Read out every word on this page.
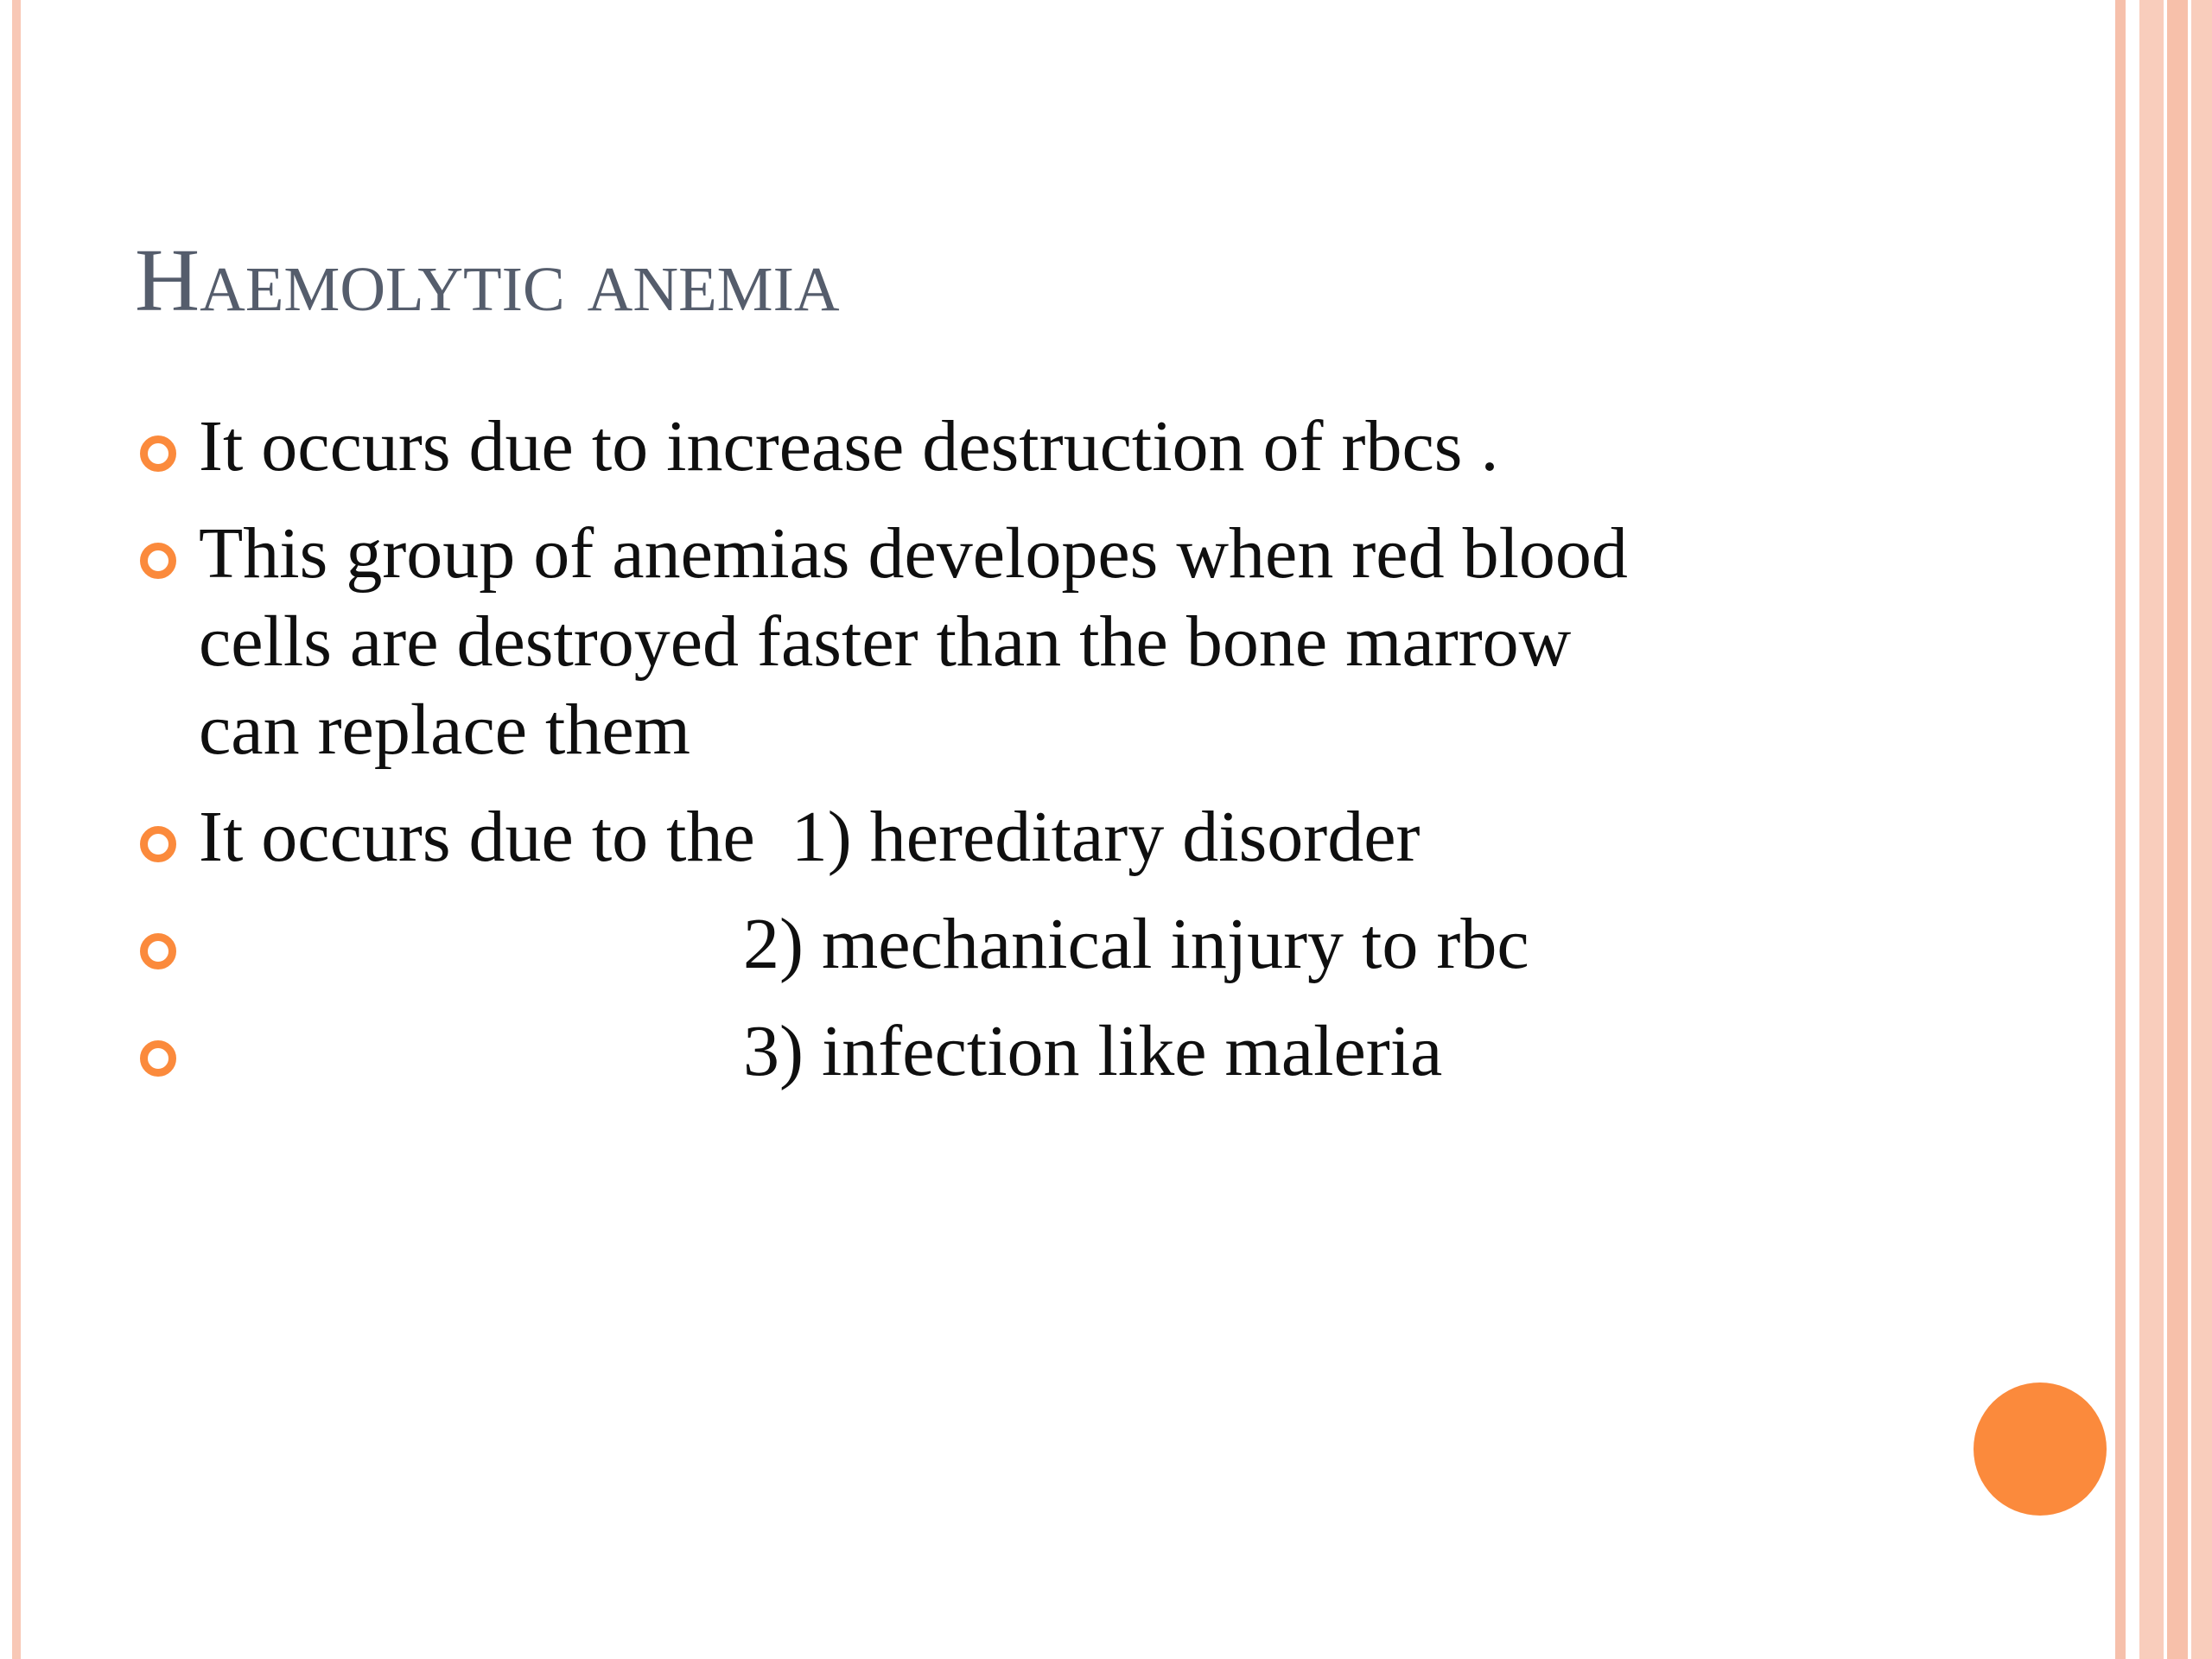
Haemolytic anemia
It occurs due to increase destruction of rbcs .
This group of anemias developes when red blood
cells are destroyed faster than the bone marrow
can replace them
It occurs due to the  1) hereditary disorder
2) mechanical injury to rbc
3) infection like maleria
